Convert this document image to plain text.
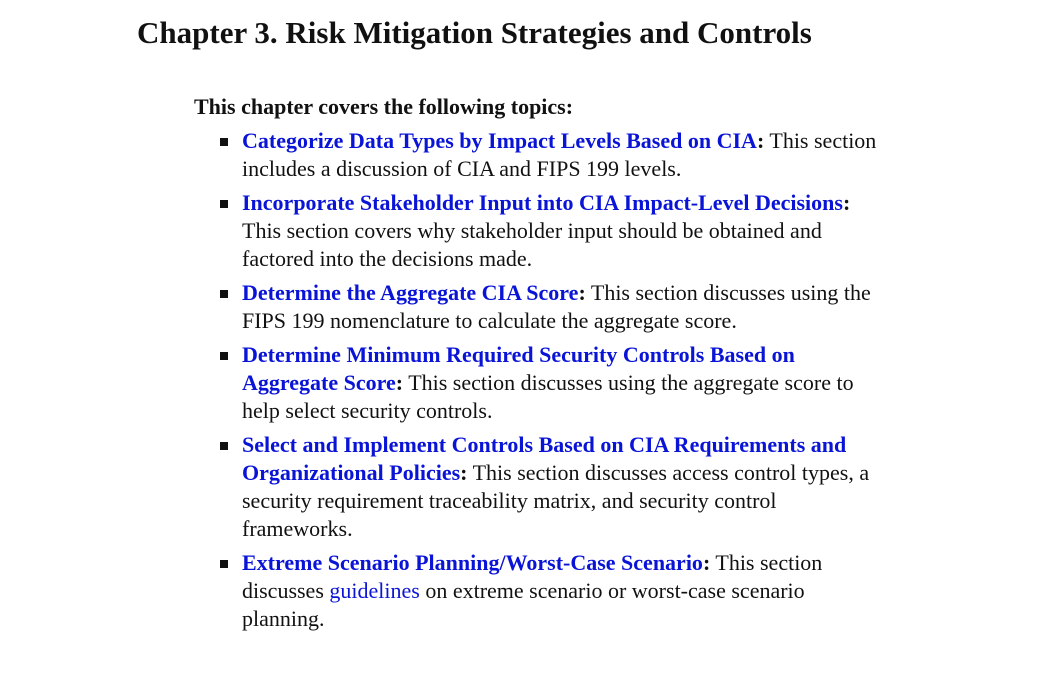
Chapter 3. Risk Mitigation Strategies and Controls

This chapter covers the following topics:

Categorize Data Types by Impact Levels Based on CIA: This section includes a discussion of CIA and FIPS 199 levels.
Incorporate Stakeholder Input into CIA Impact-Level Decisions: This section covers why stakeholder input should be obtained and factored into the decisions made.
Determine the Aggregate CIA Score: This section discusses using the FIPS 199 nomenclature to calculate the aggregate score.
Determine Minimum Required Security Controls Based on Aggregate Score: This section discusses using the aggregate score to help select security controls.
Select and Implement Controls Based on CIA Requirements and Organizational Policies: This section discusses access control types, a security requirement traceability matrix, and security control frameworks.
Extreme Scenario Planning/Worst-Case Scenario: This section discusses guidelines on extreme scenario or worst-case scenario planning.
